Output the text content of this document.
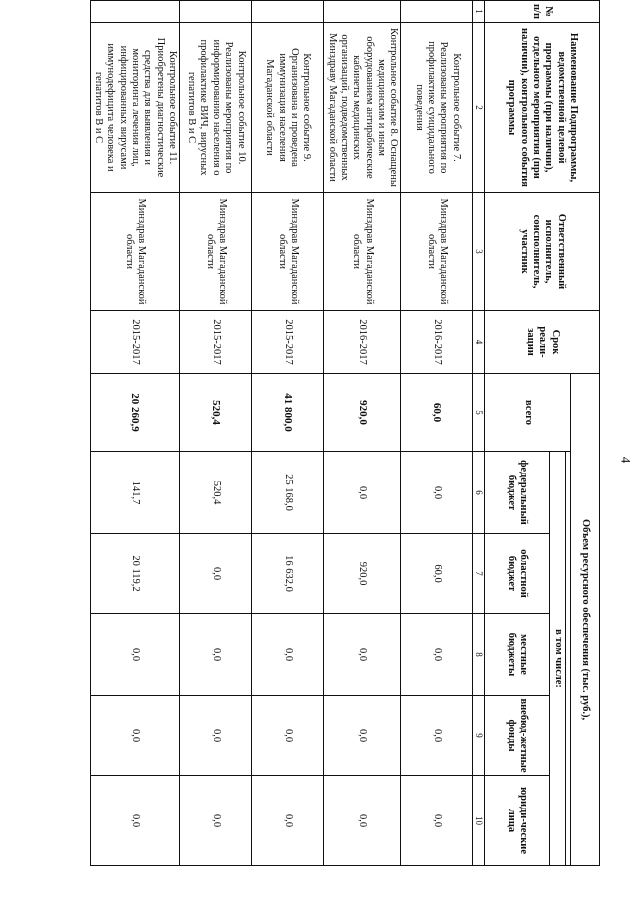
4
№ п/п	Наименование Подпрограммы, ведомственной целевой программы (при наличии), отдельного мероприятия (при наличии), контрольного события программы	Ответственный исполнитель, соисполнитель, участник	Срок реали-зации	Объем ресурсного обеспечения (тыс. руб.),					
				всего					
					в том числе:				
					федеральный бюджет	областной бюджет	местные бюджеты	внебюд-жетные фонды	юриди-ческие лица
1	2	3	4	5	6	7	8	9	10
	Контрольное событие 7. Реализованы мероприятия по профилактике суицидального поведения	Минздрав Магаданской области	2016-2017	60,0	0,0	60,0	0,0	0,0	0,0
	Контрольное событие 8. Оснащены медицинским и иным оборудованием антирабические кабинеты медицинских организаций, подведомственных Минздраву Магаданской области	Минздрав Магаданской области	2016-2017	920,0	0,0	920,0	0,0	0,0	0,0
	Контрольное событие 9. Организована и проведена иммунизация населения Магаданской области	Минздрав Магаданской области	2015-2017	41 800,0	25 168,0	16 632,0	0,0	0,0	0,0
	Контрольное событие 10. Реализованы мероприятия по информированию населения о профилактике ВИЧ, вирусных гепатитов В и С	Минздрав Магаданской области	2015-2017	520,4	520,4	0,0	0,0	0,0	0,0
	Контрольное событие 11. Приобретены диагностические средства для выявления и мониторинга лечения лиц, инфицированных вирусами иммунодефицита человека и гепатитов В и С	Минздрав Магаданской области	2015-2017	20 260,9	141,7	20 119,2	0,0	0,0	0,0
